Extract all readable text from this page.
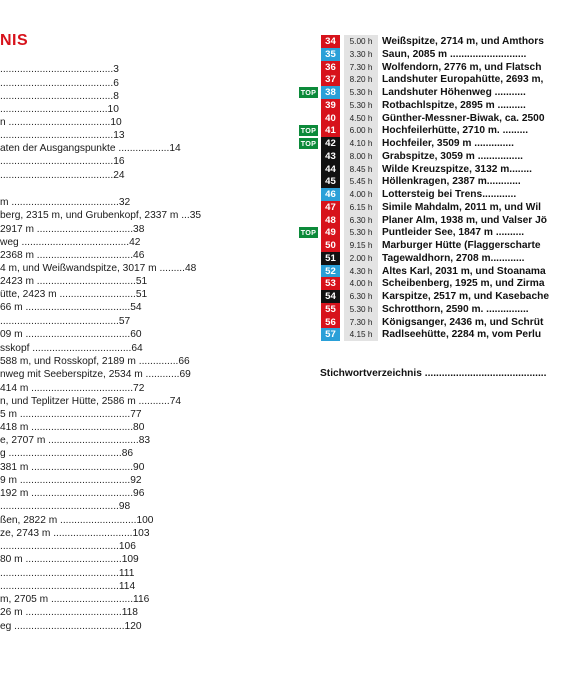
NIS
........................................3
........................................6
........................................8
......................................10
n ....................................10
........................................13
aten der Ausgangspunkte ..................14
........................................16
........................................24
m ......................................32
berg, 2315 m, und Grubenkopf, 2337 m ...35
2917 m ..................................38
weg ......................................42
2368 m ..................................46
4 m, und Weißwandspitze, 3017 m .........48
2423 m ...................................51
ütte, 2423 m ...........................51
66 m .....................................54
..........................................57
09 m .....................................60
sskopf ...................................64
588 m, und Rosskopf, 2189 m ..............66
nweg mit Seeberspitze, 2534 m ............69
414 m ....................................72
n, und Teplitzer Hütte, 2586 m ...........74
5 m .......................................77
418 m ....................................80
e, 2707 m ................................83
g ........................................86
381 m ....................................90
9 m .......................................92
192 m ....................................96
..........................................98
ßen, 2822 m ...........................100
ze, 2743 m ............................103
..........................................106
80 m ..................................109
..........................................111
..........................................114
m, 2705 m .............................116
26 m ..................................118
eg .......................................120
34	5.00 h Weißspitze, 2714 m, und Amthors
35	3.30 h Saun, 2085 m ...........................
36	7.30 h Wolfendorn, 2776 m, und Flatsch
37	8.20 h Landshuter Europahütte, 2693 m,
TOP 38	5.30 h Landshuter Höhenweg ...........
39	5.30 h Rotbachlspitze, 2895 m ..........
40	4.50 h Günther-Messner-Biwak, ca. 2500
TOP 41	6.00 h Hochfeilerhütte, 2710 m. .........
TOP 42	4.10 h Hochfeiler, 3509 m ..............
43	8.00 h Grabspitze, 3059 m ................
44	8.45 h Wilde Kreuzspitze, 3132 m........
45	5.45 h Höllenkragen, 2387 m............
46	4.00 h Lottersteig bei Trens............
47	6.15 h Simile Mahdalm, 2011 m, und Wil
48	6.30 h Planer Alm, 1938 m, und Valser Jö
TOP 49	5.30 h Puntleider See, 1847 m ..........
50	9.15 h Marburger Hütte (Flaggerscharte
51	2.00 h Tagewaldhorn, 2708 m............
52	4.30 h Altes Karl, 2031 m, und Stoanama
53	4.00 h Scheibenberg, 1925 m, und Zirma
54	6.30 h Karspitze, 2517 m, und Kasebache
55	5.30 h Schrotthorn, 2590 m. ...............
56	7.30 h Königsanger, 2436 m, und Schrüt
57	4.15 h Radlseehütte, 2284 m, vom Perlu
Stichwortverzeichnis ...........................................
